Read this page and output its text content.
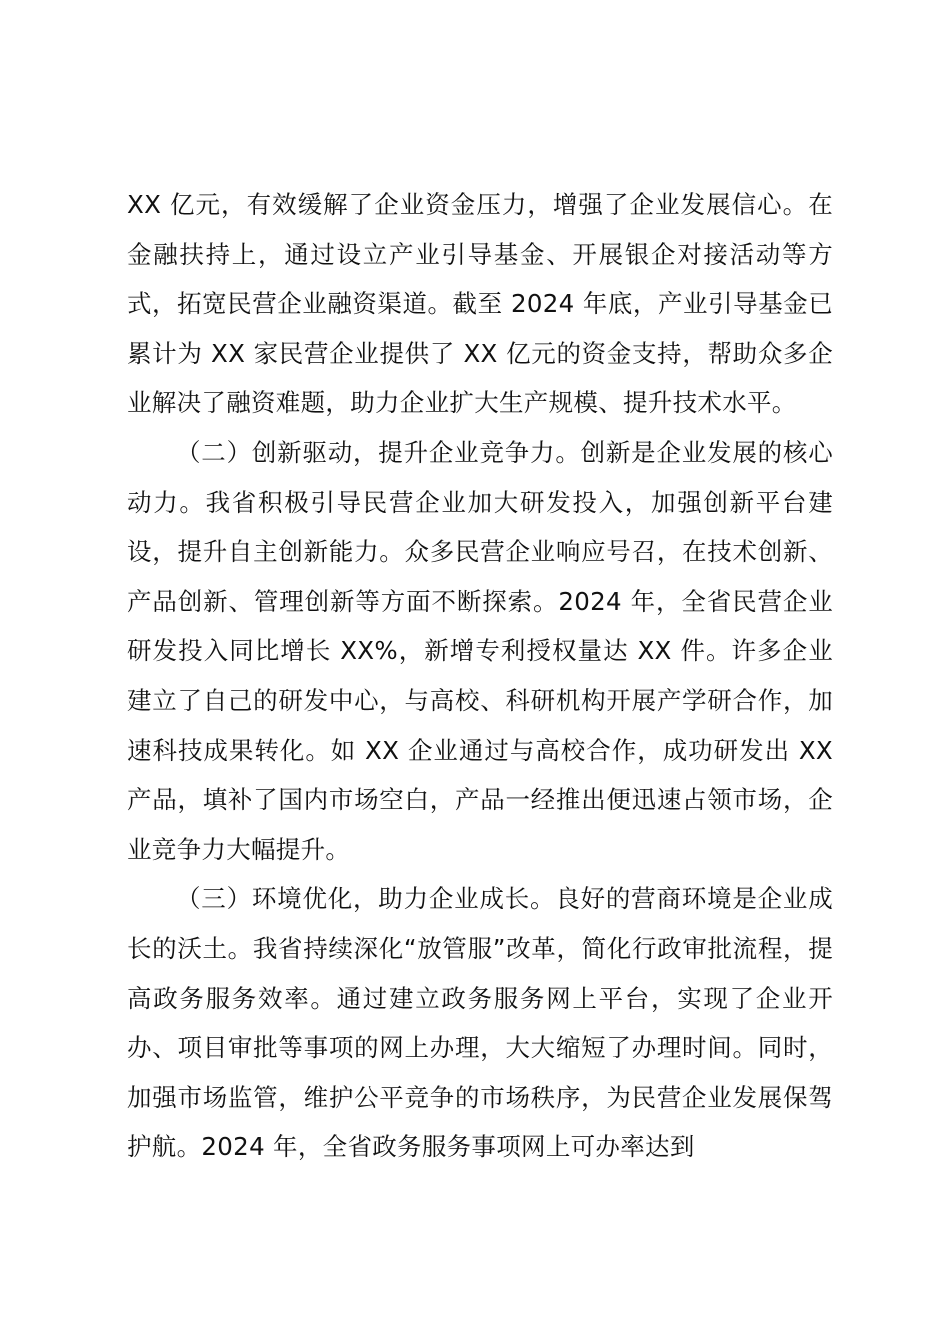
XX 亿元，有效缓解了企业资金压力，增强了企业发展信心。在金融扶持上，通过设立产业引导基金、开展银企对接活动等方式，拓宽民营企业融资渠道。截至 2024 年底，产业引导基金已累计为 XX 家民营企业提供了 XX 亿元的资金支持，帮助众多企业解决了融资难题，助力企业扩大生产规模、提升技术水平。

（二）创新驱动，提升企业竞争力。创新是企业发展的核心动力。我省积极引导民营企业加大研发投入，加强创新平台建设，提升自主创新能力。众多民营企业响应号召，在技术创新、产品创新、管理创新等方面不断探索。2024 年，全省民营企业研发投入同比增长 XX%，新增专利授权量达 XX 件。许多企业建立了自己的研发中心，与高校、科研机构开展产学研合作，加速科技成果转化。如 XX 企业通过与高校合作，成功研发出 XX 产品，填补了国内市场空白，产品一经推出便迅速占领市场，企业竞争力大幅提升。

（三）环境优化，助力企业成长。良好的营商环境是企业成长的沃土。我省持续深化“放管服”改革，简化行政审批流程，提高政务服务效率。通过建立政务服务网上平台，实现了企业开办、项目审批等事项的网上办理，大大缩短了办理时间。同时，加强市场监管，维护公平竞争的市场秩序，为民营企业发展保驾护航。2024 年，全省政务服务事项网上可办率达到
